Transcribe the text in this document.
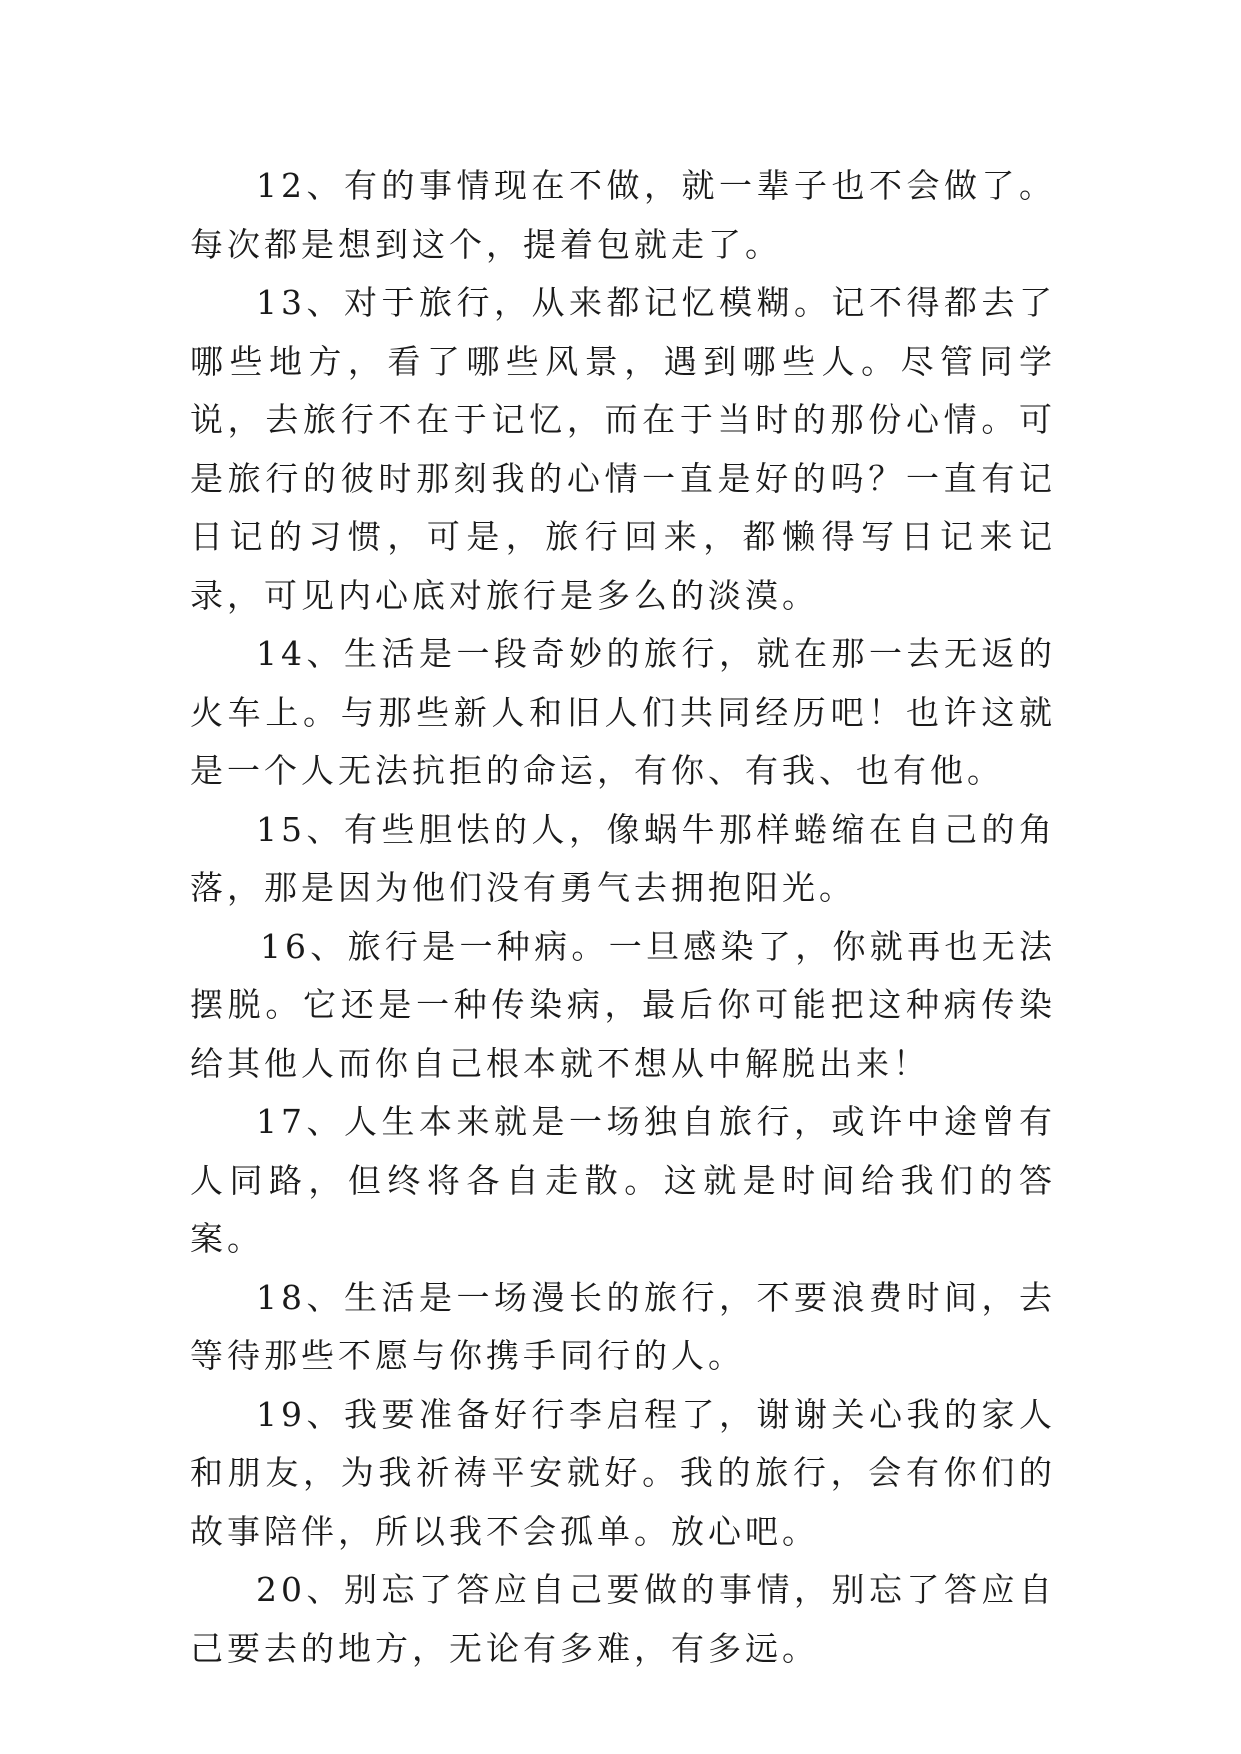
12、有的事情现在不做，就一辈子也不会做了。每次都是想到这个，提着包就走了。

13、对于旅行，从来都记忆模糊。记不得都去了哪些地方，看了哪些风景，遇到哪些人。尽管同学说，去旅行不在于记忆，而在于当时的那份心情。可是旅行的彼时那刻我的心情一直是好的吗？一直有记日记的习惯，可是，旅行回来，都懒得写日记来记录，可见内心底对旅行是多么的淡漠。

14、生活是一段奇妙的旅行，就在那一去无返的火车上。与那些新人和旧人们共同经历吧！也许这就是一个人无法抗拒的命运，有你、有我、也有他。

15、有些胆怯的人，像蜗牛那样蜷缩在自己的角落，那是因为他们没有勇气去拥抱阳光。

16、旅行是一种病。一旦感染了，你就再也无法摆脱。它还是一种传染病，最后你可能把这种病传染给其他人而你自己根本就不想从中解脱出来！

17、人生本来就是一场独自旅行，或许中途曾有人同路，但终将各自走散。这就是时间给我们的答案。

18、生活是一场漫长的旅行，不要浪费时间，去等待那些不愿与你携手同行的人。

19、我要准备好行李启程了，谢谢关心我的家人和朋友，为我祈祷平安就好。我的旅行，会有你们的故事陪伴，所以我不会孤单。放心吧。

20、别忘了答应自己要做的事情，别忘了答应自己要去的地方，无论有多难，有多远。
